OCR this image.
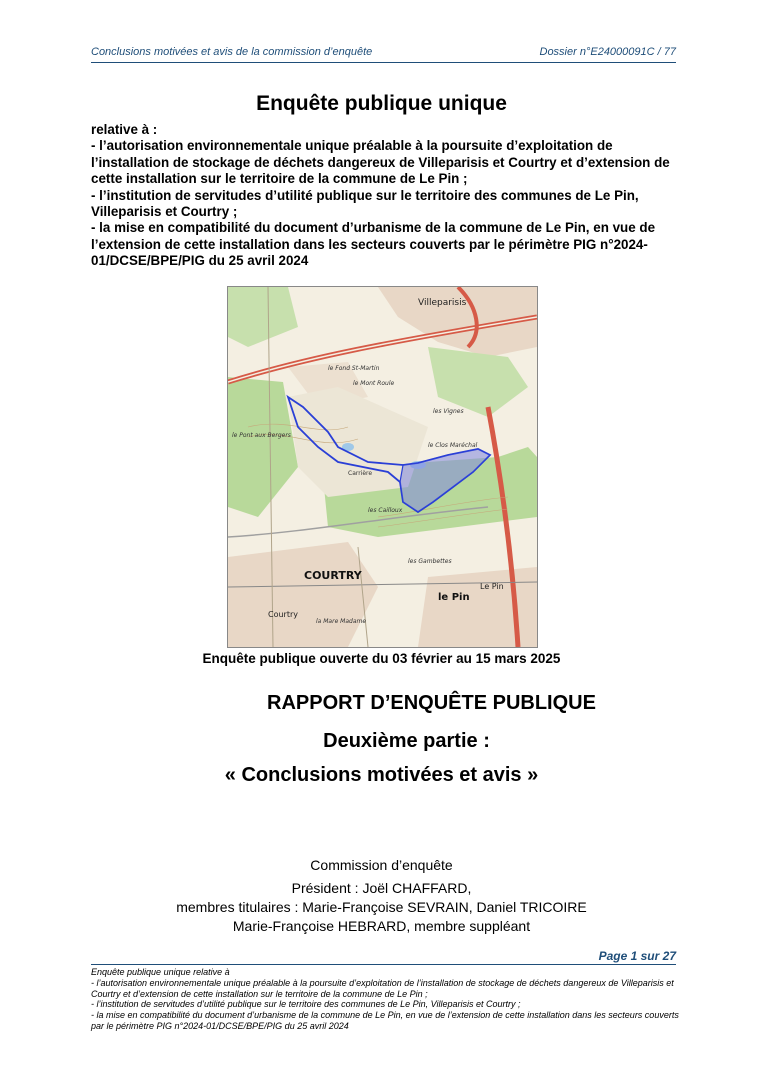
Conclusions motivées et avis de la commission d’enquête	Dossier n°E24000091C / 77
Enquête publique unique

relative à :

- l’autorisation environnementale unique préalable à la poursuite d’exploitation de l’installation de stockage de déchets dangereux de Villeparisis et Courtry et d’extension de cette installation sur le territoire de la commune de Le Pin ;

- l’institution de servitudes d’utilité publique sur le territoire des communes de Le Pin, Villeparisis et Courtry ;

- la mise en compatibilité du document d’urbanisme de la commune de Le Pin, en vue de l’extension de cette installation dans les secteurs couverts par le périmètre PIG n°2024-01/DCSE/BPE/PIG du 25 avril 2024

Villeparisis
COURTRY
Courtry
le Pin
Le Pin
Carrière
les Vignes
le Mont Roule
le Fond St-Martin
le Clos Maréchal
les Gambettes
la Mare Madame
le Pont aux Bergers
les Cailloux
Enquête publique ouverte du 03 février au 15 mars 2025
RAPPORT D’ENQUÊTE PUBLIQUE
Deuxième partie :
« Conclusions motivées et avis »
Commission d’enquête
Président : Joël CHAFFARD,
membres titulaires : Marie-Françoise SEVRAIN, Daniel TRICOIRE
Marie-Françoise HEBRARD, membre suppléant
Page 1 sur 27

Enquête publique unique relative à

- l’autorisation environnementale unique préalable à la poursuite d’exploitation de l’installation de stockage de déchets dangereux de Villeparisis et Courtry et d’extension de cette installation sur le territoire de la commune de Le Pin ;

- l’institution de servitudes d’utilité publique sur le territoire des communes de Le Pin, Villeparisis et Courtry ;

- la mise en compatibilité du document d’urbanisme de la commune de Le Pin, en vue de l’extension de cette installation dans les secteurs couverts par le périmètre PIG n°2024-01/DCSE/BPE/PIG du 25 avril 2024
